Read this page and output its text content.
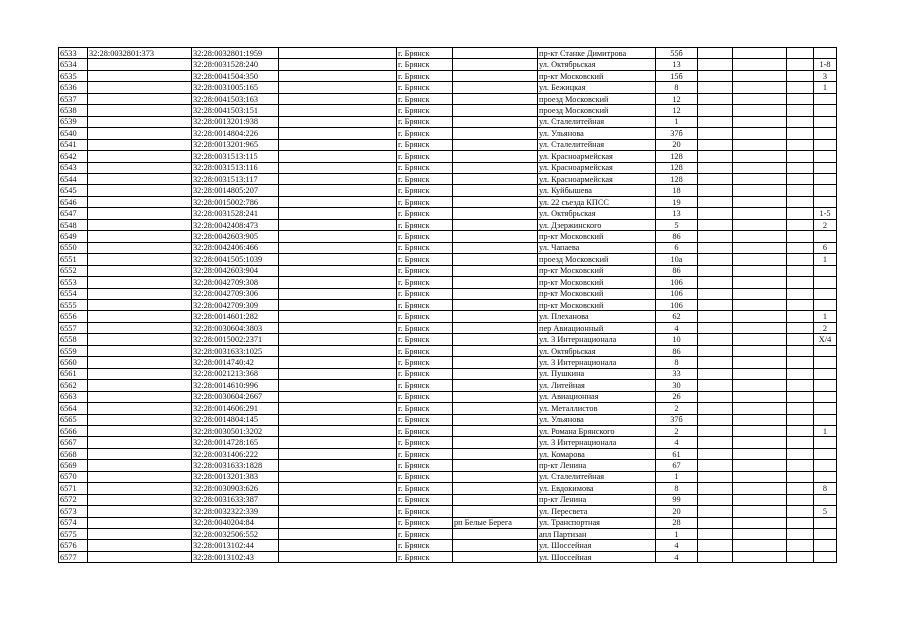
6533	32:28:0032801:373	32:28:0032801:1959		г. Брянск		пр-кт Станке Димитрова	55б				
6534		32:28:0031528:240		г. Брянск		ул. Октябрьская	13				1-8
6535		32:28:0041504:350		г. Брянск		пр-кт Московский	15б				3
6536		32:28:0031005:165		г. Брянск		ул. Бежицкая	8				1
6537		32:28:0041503:163		г. Брянск		проезд Московский	12				
6538		32:28:0041503:151		г. Брянск		проезд Московский	12				
6539		32:28:0013201:938		г. Брянск		ул. Сталелитейная	1				
6540		32:28:0014804:226		г. Брянск		ул. Ульянова	37б				
6541		32:28:0013201:965		г. Брянск		ул. Сталелитейная	20				
6542		32:28:0031513:115		г. Брянск		ул. Красноармейская	128				
6543		32:28:0031513:116		г. Брянск		ул. Красноармейская	128				
6544		32:28:0031513:117		г. Брянск		ул. Красноармейская	128				
6545		32:28:0014805:207		г. Брянск		ул. Куйбышева	18				
6546		32:28:0015002:786		г. Брянск		ул. 22 съезда КПСС	19				
6547		32:28:0031528:241		г. Брянск		ул. Октябрьская	13				1-5
6548		32:28:0042408:473		г. Брянск		ул. Дзержинского	5				2
6549		32:28:0042603:905		г. Брянск		пр-кт Московский	86				
6550		32:28:0042406:466		г. Брянск		ул. Чапаева	6				6
6551		32:28:0041505:1039		г. Брянск		проезд Московский	10а				1
6552		32:28:0042603:904		г. Брянск		пр-кт Московский	86				
6553		32:28:0042709:308		г. Брянск		пр-кт Московский	106				
6554		32:28:0042709:306		г. Брянск		пр-кт Московский	106				
6555		32:28:0042709:309		г. Брянск		пр-кт Московский	106				
6556		32:28:0014601:282		г. Брянск		ул. Плеханова	62				1
6557		32:28:0030604:3803		г. Брянск		пер Авиационный	4				2
6558		32:28:0015002:2371		г. Брянск		ул. 3 Интернационала	10				X/4
6559		32:28:0031633:1025		г. Брянск		ул. Октябрьская	86				
6560		32:28:0014740:42		г. Брянск		ул. 3 Интернационала	8				
6561		32:28:0021213:368		г. Брянск		ул. Пушкина	33				
6562		32:28:0014610:996		г. Брянск		ул. Литейная	30				
6563		32:28:0030604:2667		г. Брянск		ул. Авиационная	26				
6564		32:28:0014606:291		г. Брянск		ул. Металлистов	2				
6565		32:28:0014804:145		г. Брянск		ул. Ульянова	37б				
6566		32:28:0030501:3202		г. Брянск		ул. Романа Брянского	2				1
6567		32:28:0014728:165		г. Брянск		ул. 3 Интернационала	4				
6568		32:28:0031406:222		г. Брянск		ул. Комарова	61				
6569		32:28:0031633:1828		г. Брянск		пр-кт Ленина	67				
6570		32:28:0013201:383		г. Брянск		ул. Сталелитейная	1				
6571		32:28:0030903:626		г. Брянск		ул. Евдокимова	8				8
6572		32:28:0031633:387		г. Брянск		пр-кт Ленина	99				
6573		32:28:0032322:339		г. Брянск		ул. Пересвета	20				5
6574		32:28:0040204:84		г. Брянск	рп Белые Берега	ул. Транспортная	28				
6575		32:28:0032506:552		г. Брянск		апл Партизан	1				
6576		32:28:0013102:44		г. Брянск		ул. Шоссейная	4				
6577		32:28:0013102:43		г. Брянск		ул. Шоссейная	4				
